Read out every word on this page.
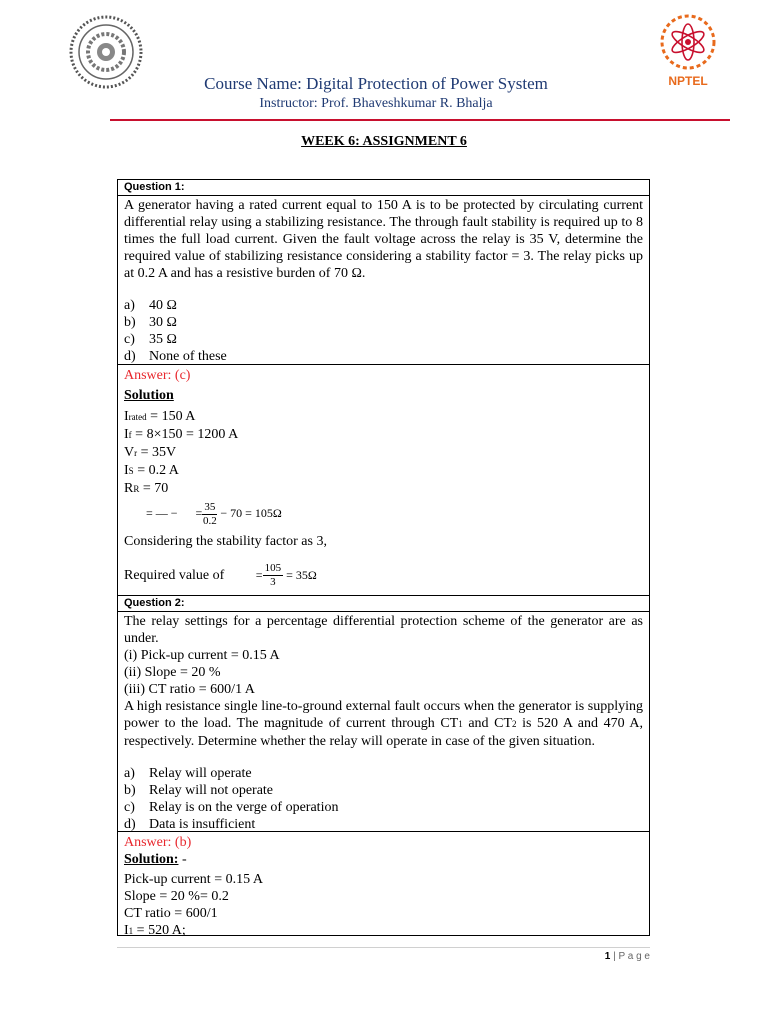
NPTEL
Course Name: Digital Protection of Power System
Instructor: Prof. Bhaveshkumar R. Bhalja
WEEK 6: ASSIGNMENT 6
Question 1:
A generator having a rated current equal to 150 A is to be protected by circulating current differential relay using a stabilizing resistance. The through fault stability is required up to 8 times the full load current. Given the fault voltage across the relay is 35 V, determine the required value of stabilizing resistance considering a stability factor = 3. The relay picks up at 0.2 A and has a resistive burden of 70 Ω.
a) 40 Ω
b) 30 Ω
c) 35 Ω
d) None of these
Answer: (c)
Solution
Irated = 150 A
If = 8×150 = 1200 A
Vr = 35V
IS = 0.2 A
RR = 70
= — − = $\frac{35}{0.2} - 70 = 105\Omega$
Considering the stability factor as 3,
Required value of	= $\frac{105}{3} = 35\Omega$
Question 2:
The relay settings for a percentage differential protection scheme of the generator are as under.
(i) Pick-up current = 0.15 A
(ii) Slope = 20 %
(iii) CT ratio = 600/1 A
A high resistance single line-to-ground external fault occurs when the generator is supplying power to the load. The magnitude of current through CT1 and CT2 is 520 A and 470 A, respectively. Determine whether the relay will operate in case of the given situation.
a) Relay will operate
b) Relay will not operate
c) Relay is on the verge of operation
d) Data is insufficient
Answer: (b)
Solution: -
Pick-up current = 0.15 A
Slope = 20 %= 0.2
CT ratio = 600/1
I1 = 520 A;
1 | P a g e
